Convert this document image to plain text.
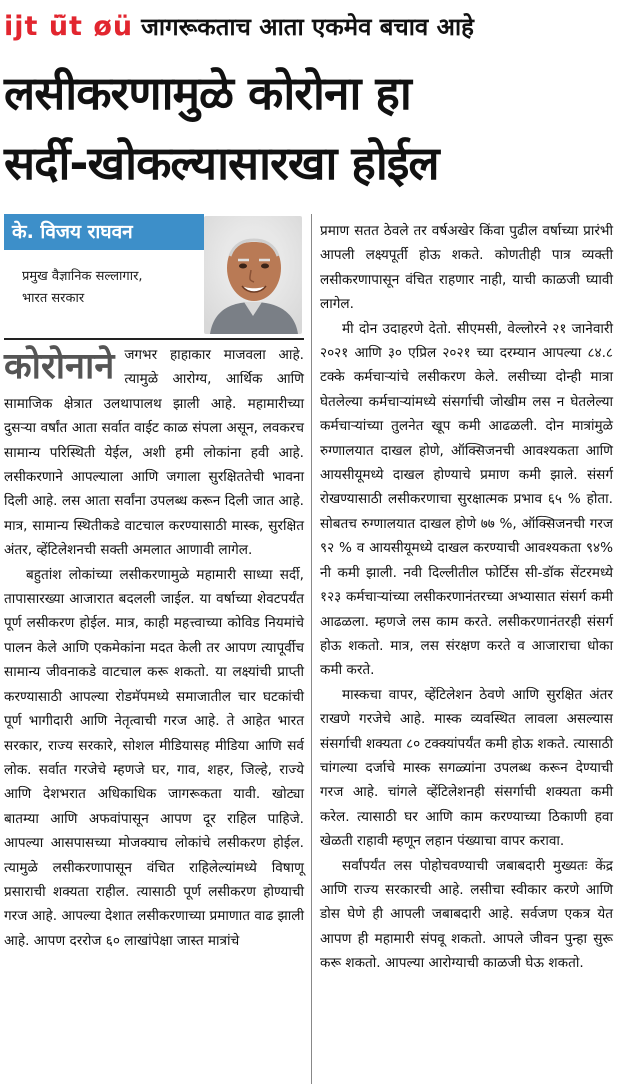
ijt ü̃t øü जागरूकताच आता एकमेव बचाव आहे
लसीकरणामुळे कोरोना हा
सर्दी-खोकल्यासारखा होईल
के. विजय राघवन
प्रमुख वैज्ञानिक सल्लागार,
भारत सरकार

कोरोनाने जगभर हाहाकार माजवला आहे. त्यामुळे आरोग्य, आर्थिक आणि सामाजिक क्षेत्रात उलथापालथ झाली आहे. महामारीच्या दुसऱ्या वर्षांत आता सर्वात वाईट काळ संपला असून, लवकरच सामान्य परिस्थिती येईल, अशी हमी लोकांना हवी आहे. लसीकरणाने आपल्याला आणि जगाला सुरक्षिततेची भावना दिली आहे. लस आता सर्वांना उपलब्ध करून दिली जात आहे. मात्र, सामान्य स्थितीकडे वाटचाल करण्यासाठी मास्क, सुरक्षित अंतर, व्हेंटिलेशनची सक्ती अमलात आणावी लागेल.

बहुतांश लोकांच्या लसीकरणामुळे महामारी साध्या सर्दी, तापासारख्या आजारात बदलली जाईल. या वर्षाच्या शेवटपर्यंत पूर्ण लसीकरण होईल. मात्र, काही महत्त्वाच्या कोविड नियमांचे पालन केले आणि एकमेकांना मदत केली तर आपण त्यापूर्वीच सामान्य जीवनाकडे वाटचाल करू शकतो. या लक्ष्यांची प्राप्ती करण्यासाठी आपल्या रोडमॅपमध्ये समाजातील चार घटकांची पूर्ण भागीदारी आणि नेतृत्वाची गरज आहे. ते आहेत भारत सरकार, राज्य सरकारे, सोशल मीडियासह मीडिया आणि सर्व लोक. सर्वात गरजेचे म्हणजे घर, गाव, शहर, जिल्हे, राज्ये आणि देशभरात अधिकाधिक जागरूकता यावी. खोट्या बातम्या आणि अफवांपासून आपण दूर राहिल पाहिजे. आपल्या आसपासच्या मोजक्याच लोकांचे लसीकरण होईल. त्यामुळे लसीकरणापासून वंचित राहिलेल्यांमध्ये विषाणू प्रसाराची शक्यता राहील. त्यासाठी पूर्ण लसीकरण होण्याची गरज आहे. आपल्या देशात लसीकरणाच्या प्रमाणात वाढ झाली आहे. आपण दररोज ६० लाखांपेक्षा जास्त मात्रांचे

प्रमाण सतत ठेवले तर वर्षअखेर किंवा पुढील वर्षाच्या प्रारंभी आपली लक्ष्यपूर्ती होऊ शकते. कोणतीही पात्र व्यक्ती लसीकरणापासून वंचित राहणार नाही, याची काळजी घ्यावी लागेल.

मी दोन उदाहरणे देतो. सीएमसी, वेल्लोरने २१ जानेवारी २०२१ आणि ३० एप्रिल २०२१ च्या दरम्यान आपल्या ८४.८ टक्के कर्मचाऱ्यांचे लसीकरण केले. लसीच्या दोन्ही मात्रा घेतलेल्या कर्मचाऱ्यांमध्ये संसर्गाची जोखीम लस न घेतलेल्या कर्मचाऱ्यांच्या तुलनेत खूप कमी आढळली. दोन मात्रांमुळे रुग्णालयात दाखल होणे, ऑक्सिजनची आवश्यकता आणि आयसीयूमध्ये दाखल होण्याचे प्रमाण कमी झाले. संसर्ग रोखण्यासाठी लसीकरणाचा सुरक्षात्मक प्रभाव ६५ % होता. सोबतच रुग्णालयात दाखल होणे ७७ %, ऑक्सिजनची गरज ९२ % व आयसीयूमध्ये दाखल करण्याची आवश्यकता ९४% नी कमी झाली. नवी दिल्लीतील फोर्टिस सी-डॉक सेंटरमध्ये १२३ कर्मचाऱ्यांच्या लसीकरणानंतरच्या अभ्यासात संसर्ग कमी आढळला. म्हणजे लस काम करते. लसीकरणानंतरही संसर्ग होऊ शकतो. मात्र, लस संरक्षण करते व आजाराचा धोका कमी करते.

मास्कचा वापर, व्हेंटिलेशन ठेवणे आणि सुरक्षित अंतर राखणे गरजेचे आहे. मास्क व्यवस्थित लावला असल्यास संसर्गाची शक्यता ८० टक्क्यांपर्यंत कमी होऊ शकते. त्यासाठी चांगल्या दर्जाचे मास्क सगळ्यांना उपलब्ध करून देण्याची गरज आहे. चांगले व्हेंटिलेशनही संसर्गाची शक्यता कमी करेल. त्यासाठी घर आणि काम करण्याच्या ठिकाणी हवा खेळती राहावी म्हणून लहान पंख्याचा वापर करावा.

सर्वांपर्यंत लस पोहोचवण्याची जबाबदारी मुख्यतः केंद्र आणि राज्य सरकारची आहे. लसीचा स्वीकार करणे आणि डोस घेणे ही आपली जबाबदारी आहे. सर्वजण एकत्र येत आपण ही महामारी संपवू शकतो. आपले जीवन पुन्हा सुरू करू शकतो. आपल्या आरोग्याची काळजी घेऊ शकतो.
